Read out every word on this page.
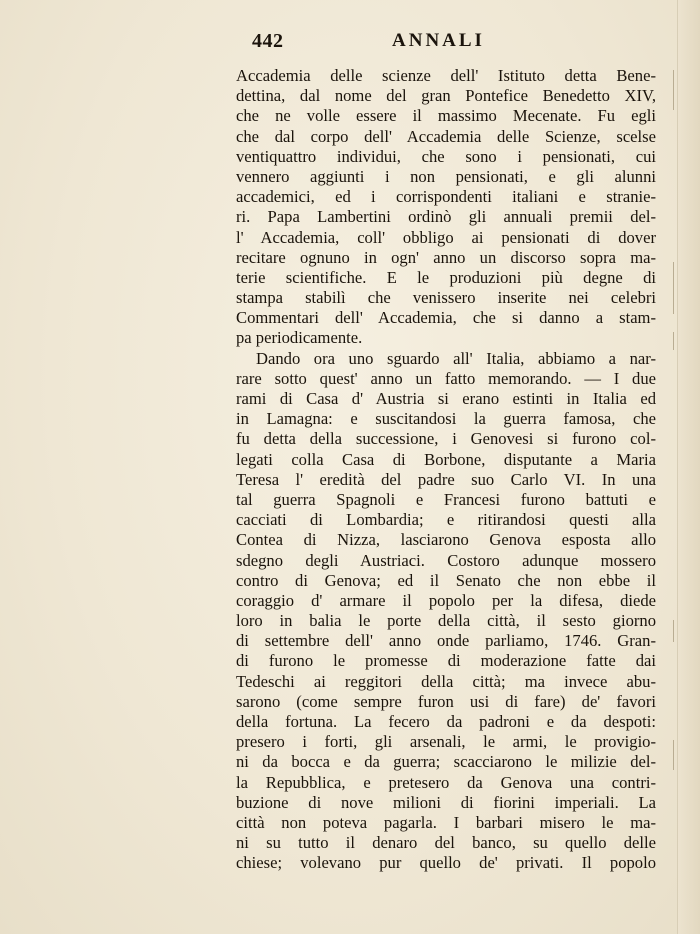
442	ANNALI
Accademia delle scienze dell' Istituto detta Bene-
dettina, dal nome del gran Pontefice Benedetto XIV,
che ne volle essere il massimo Mecenate. Fu egli
che dal corpo dell' Accademia delle Scienze, scelse
ventiquattro individui, che sono i pensionati, cui
vennero aggiunti i non pensionati, e gli alunni
accademici, ed i corrispondenti italiani e stranie-
ri. Papa Lambertini ordinò gli annuali premii del-
l' Accademia, coll' obbligo ai pensionati di dover
recitare ognuno in ogn' anno un discorso sopra ma-
terie scientifiche. E le produzioni più degne di
stampa stabilì che venissero inserite nei celebri
Commentari dell' Accademia, che si danno a stam-
pa periodicamente.
Dando ora uno sguardo all' Italia, abbiamo a nar-
rare sotto quest' anno un fatto memorando. — I due
rami di Casa d' Austria si erano estinti in Italia ed
in Lamagna: e suscitandosi la guerra famosa, che
fu detta della successione, i Genovesi si furono col-
legati colla Casa di Borbone, disputante a Maria
Teresa l' eredità del padre suo Carlo VI. In una
tal guerra Spagnoli e Francesi furono battuti e
cacciati di Lombardia; e ritirandosi questi alla
Contea di Nizza, lasciarono Genova esposta allo
sdegno degli Austriaci. Costoro adunque mossero
contro di Genova; ed il Senato che non ebbe il
coraggio d' armare il popolo per la difesa, diede
loro in balia le porte della città, il sesto giorno
di settembre dell' anno onde parliamo, 1746. Gran-
di furono le promesse di moderazione fatte dai
Tedeschi ai reggitori della città; ma invece abu-
sarono (come sempre furon usi di fare) de' favori
della fortuna. La fecero da padroni e da despoti:
presero i forti, gli arsenali, le armi, le provigio-
ni da bocca e da guerra; scacciarono le milizie del-
la Repubblica, e pretesero da Genova una contri-
buzione di nove milioni di fiorini imperiali. La
città non poteva pagarla. I barbari misero le ma-
ni su tutto il denaro del banco, su quello delle
chiese; volevano pur quello de' privati. Il popolo
